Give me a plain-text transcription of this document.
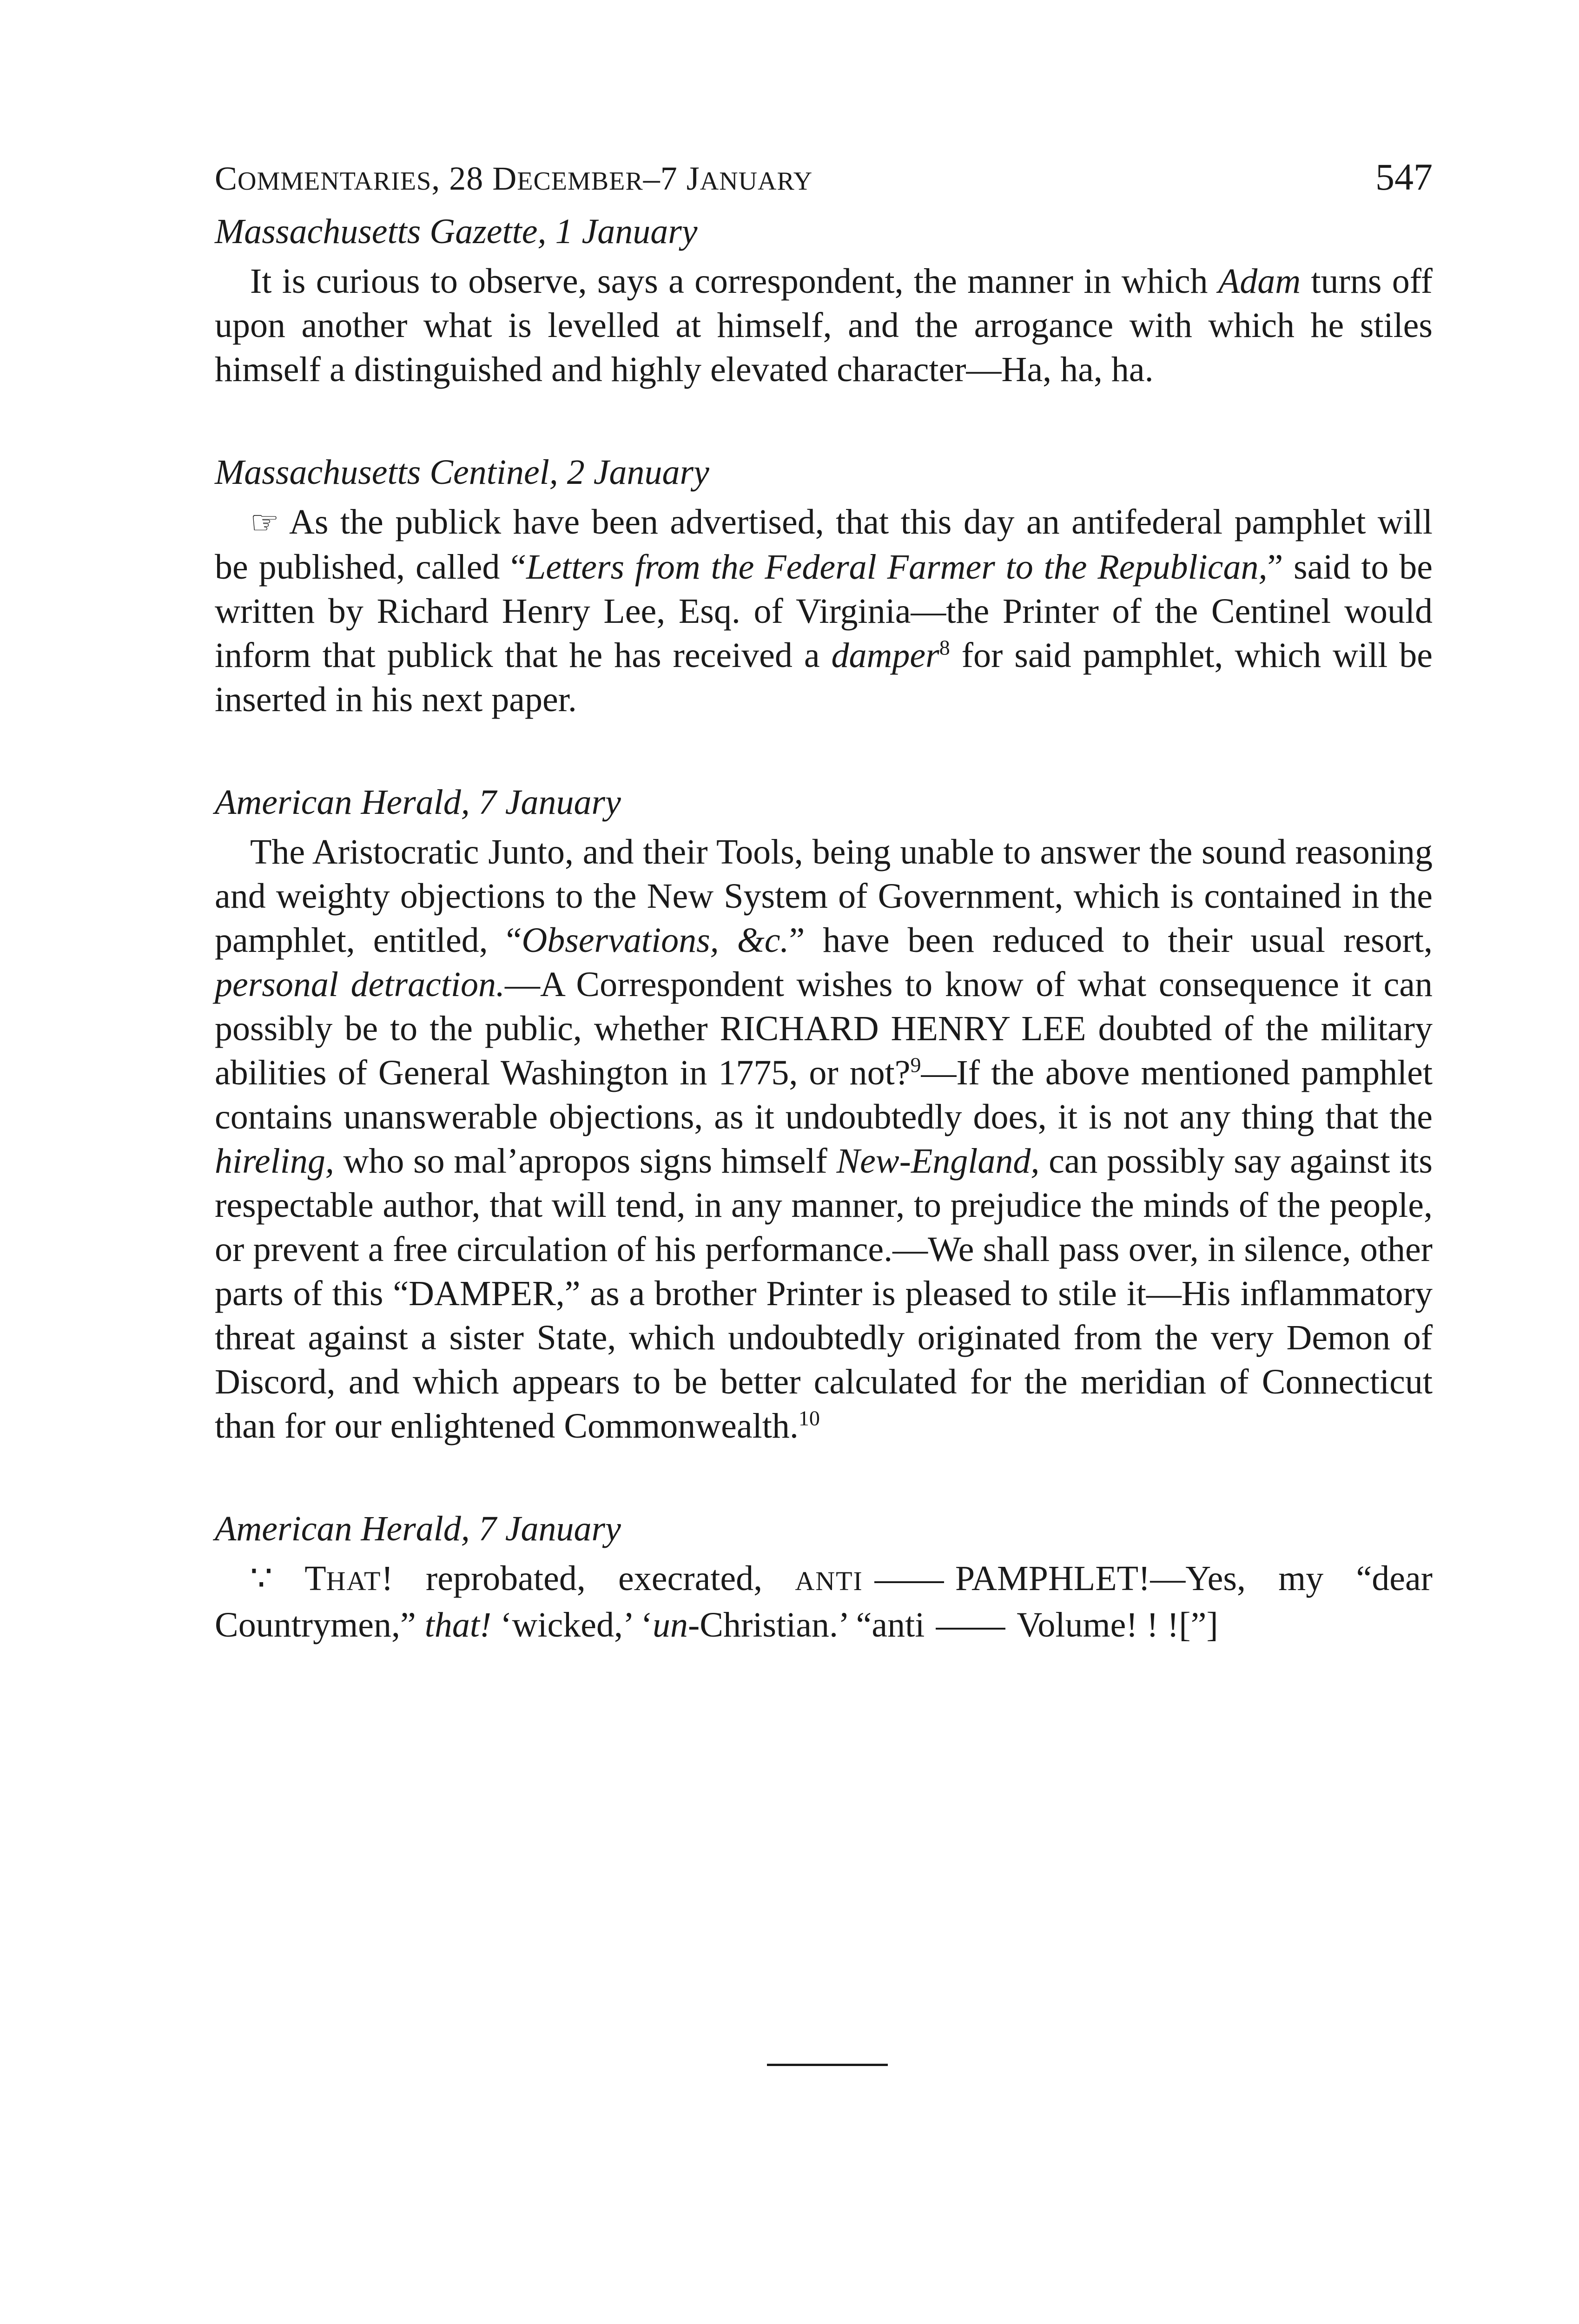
COMMENTARIES, 28 DECEMBER–7 JANUARY	547

Massachusetts Gazette, 1 January

It is curious to observe, says a correspondent, the manner in which Adam turns off upon another what is levelled at himself, and the arrogance with which he stiles himself a distinguished and highly elevated character—Ha, ha, ha.

Massachusetts Centinel, 2 January

☞ As the publick have been advertised, that this day an antifederal pamphlet will be published, called “Letters from the Federal Farmer to the Republican,” said to be written by Richard Henry Lee, Esq. of Virginia—the Printer of the Centinel would inform that publick that he has received a damper$^8$ for said pamphlet, which will be inserted in his next paper.

American Herald, 7 January

The Aristocratic Junto, and their Tools, being unable to answer the sound reasoning and weighty objections to the New System of Government, which is contained in the pamphlet, entitled, “Observations, &c.” have been reduced to their usual resort, personal detraction.—A Correspondent wishes to know of what consequence it can possibly be to the public, whether RICHARD HENRY LEE doubted of the military abilities of General Washington in 1775, or not?$^9$—If the above mentioned pamphlet contains unanswerable objections, as it undoubtedly does, it is not any thing that the hireling, who so mal’apropos signs himself New-England, can possibly say against its respectable author, that will tend, in any manner, to prejudice the minds of the people, or prevent a free circulation of his performance.—We shall pass over, in silence, other parts of this “DAMPER,” as a brother Printer is pleased to stile it—His inflammatory threat against a sister State, which undoubtedly originated from the very Demon of Discord, and which appears to be better calculated for the meridian of Connecticut than for our enlightened Commonwealth.$^{10}$

American Herald, 7 January

∵ THAT! reprobated, execrated, ANTI	PAMPHLET!—Yes, my “dear Countrymen,” that! ‘wicked,’ ‘un-Christian.’ “anti	Volume! ! ![”]
